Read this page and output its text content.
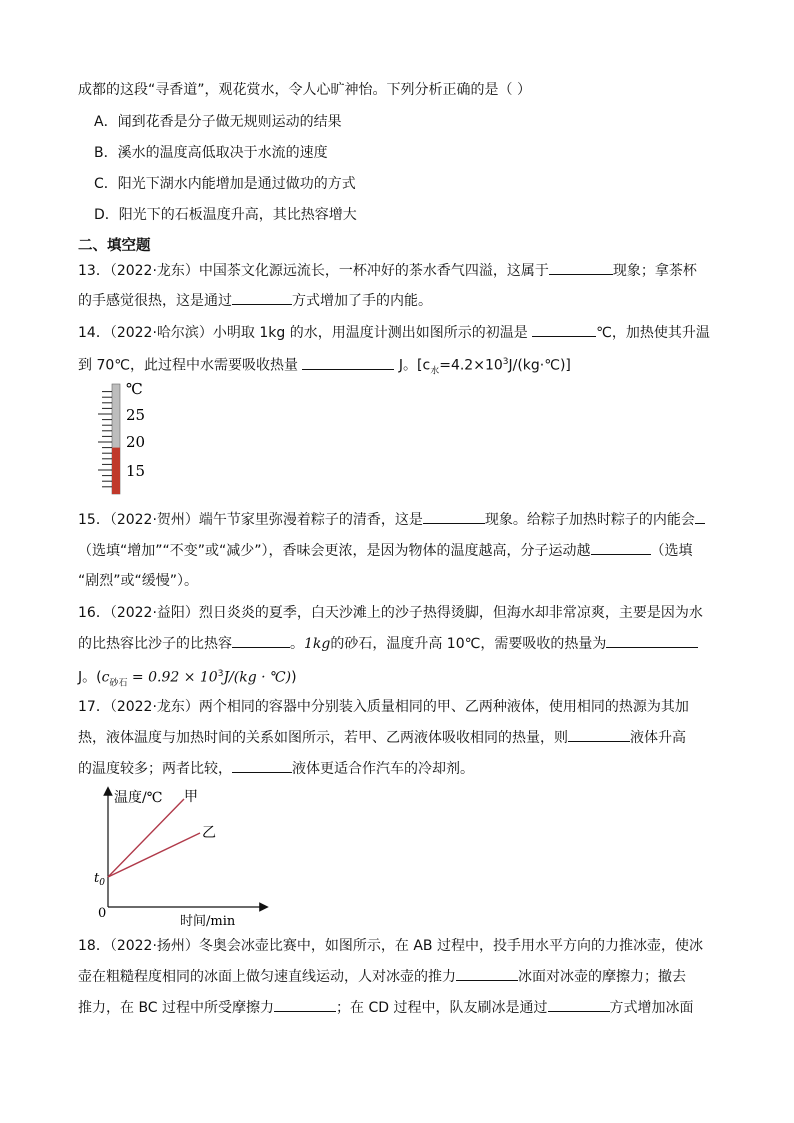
成都的这段“寻香道”，观花赏水，令人心旷神怡。下列分析正确的是（ ）
A．闻到花香是分子做无规则运动的结果
B．溪水的温度高低取决于水流的速度
C．阳光下湖水内能增加是通过做功的方式
D．阳光下的石板温度升高，其比热容增大
二、填空题
13．（2022·龙东）中国茶文化源远流长，一杯冲好的茶水香气四溢，这属于	现象；拿茶杯
的手感觉很热，这是通过	方式增加了手的内能。
14．（2022·哈尔滨）小明取 1kg 的水，用温度计测出如图所示的初温是	℃，加热使其升温
到 70℃，此过程中水需要吸收热量	J。$[c_水=4.2\times 10^3J/(kg\cdot℃)]$
℃
25
20
15
15．（2022·贺州）端午节家里弥漫着粽子的清香，这是	现象。给粽子加热时粽子的内能会
（选填“增加”“不变”或“减少”），香味会更浓，是因为物体的温度越高，分子运动越	（选填
“剧烈”或“缓慢”）。
16．（2022·益阳）烈日炎炎的夏季，白天沙滩上的沙子热得烫脚，但海水却非常凉爽，主要是因为水
的比热容比沙子的比热容	。1kg的砂石，温度升高 10℃，需要吸收的热量为
J。($c_{砂石} = 0.92 \times 10^3J/(kg$ · ℃))
17．（2022·龙东）两个相同的容器中分别装入质量相同的甲、乙两种液体，使用相同的热源为其加
热，液体温度与加热时间的关系如图所示，若甲、乙两液体吸收相同的热量，则	液体升高
的温度较多；两者比较，	液体更适合作汽车的冷却剂。
温度/℃ 甲
乙
$t_0$
0
时间/min
18．（2022·扬州）冬奥会冰壶比赛中，如图所示，在 AB 过程中，投手用水平方向的力推冰壶，使冰
壶在粗糙程度相同的冰面上做匀速直线运动，人对冰壶的推力	冰面对冰壶的摩擦力；撤去
推力，在 BC 过程中所受摩擦力	；在 CD 过程中，队友刷冰是通过	方式增加冰面
